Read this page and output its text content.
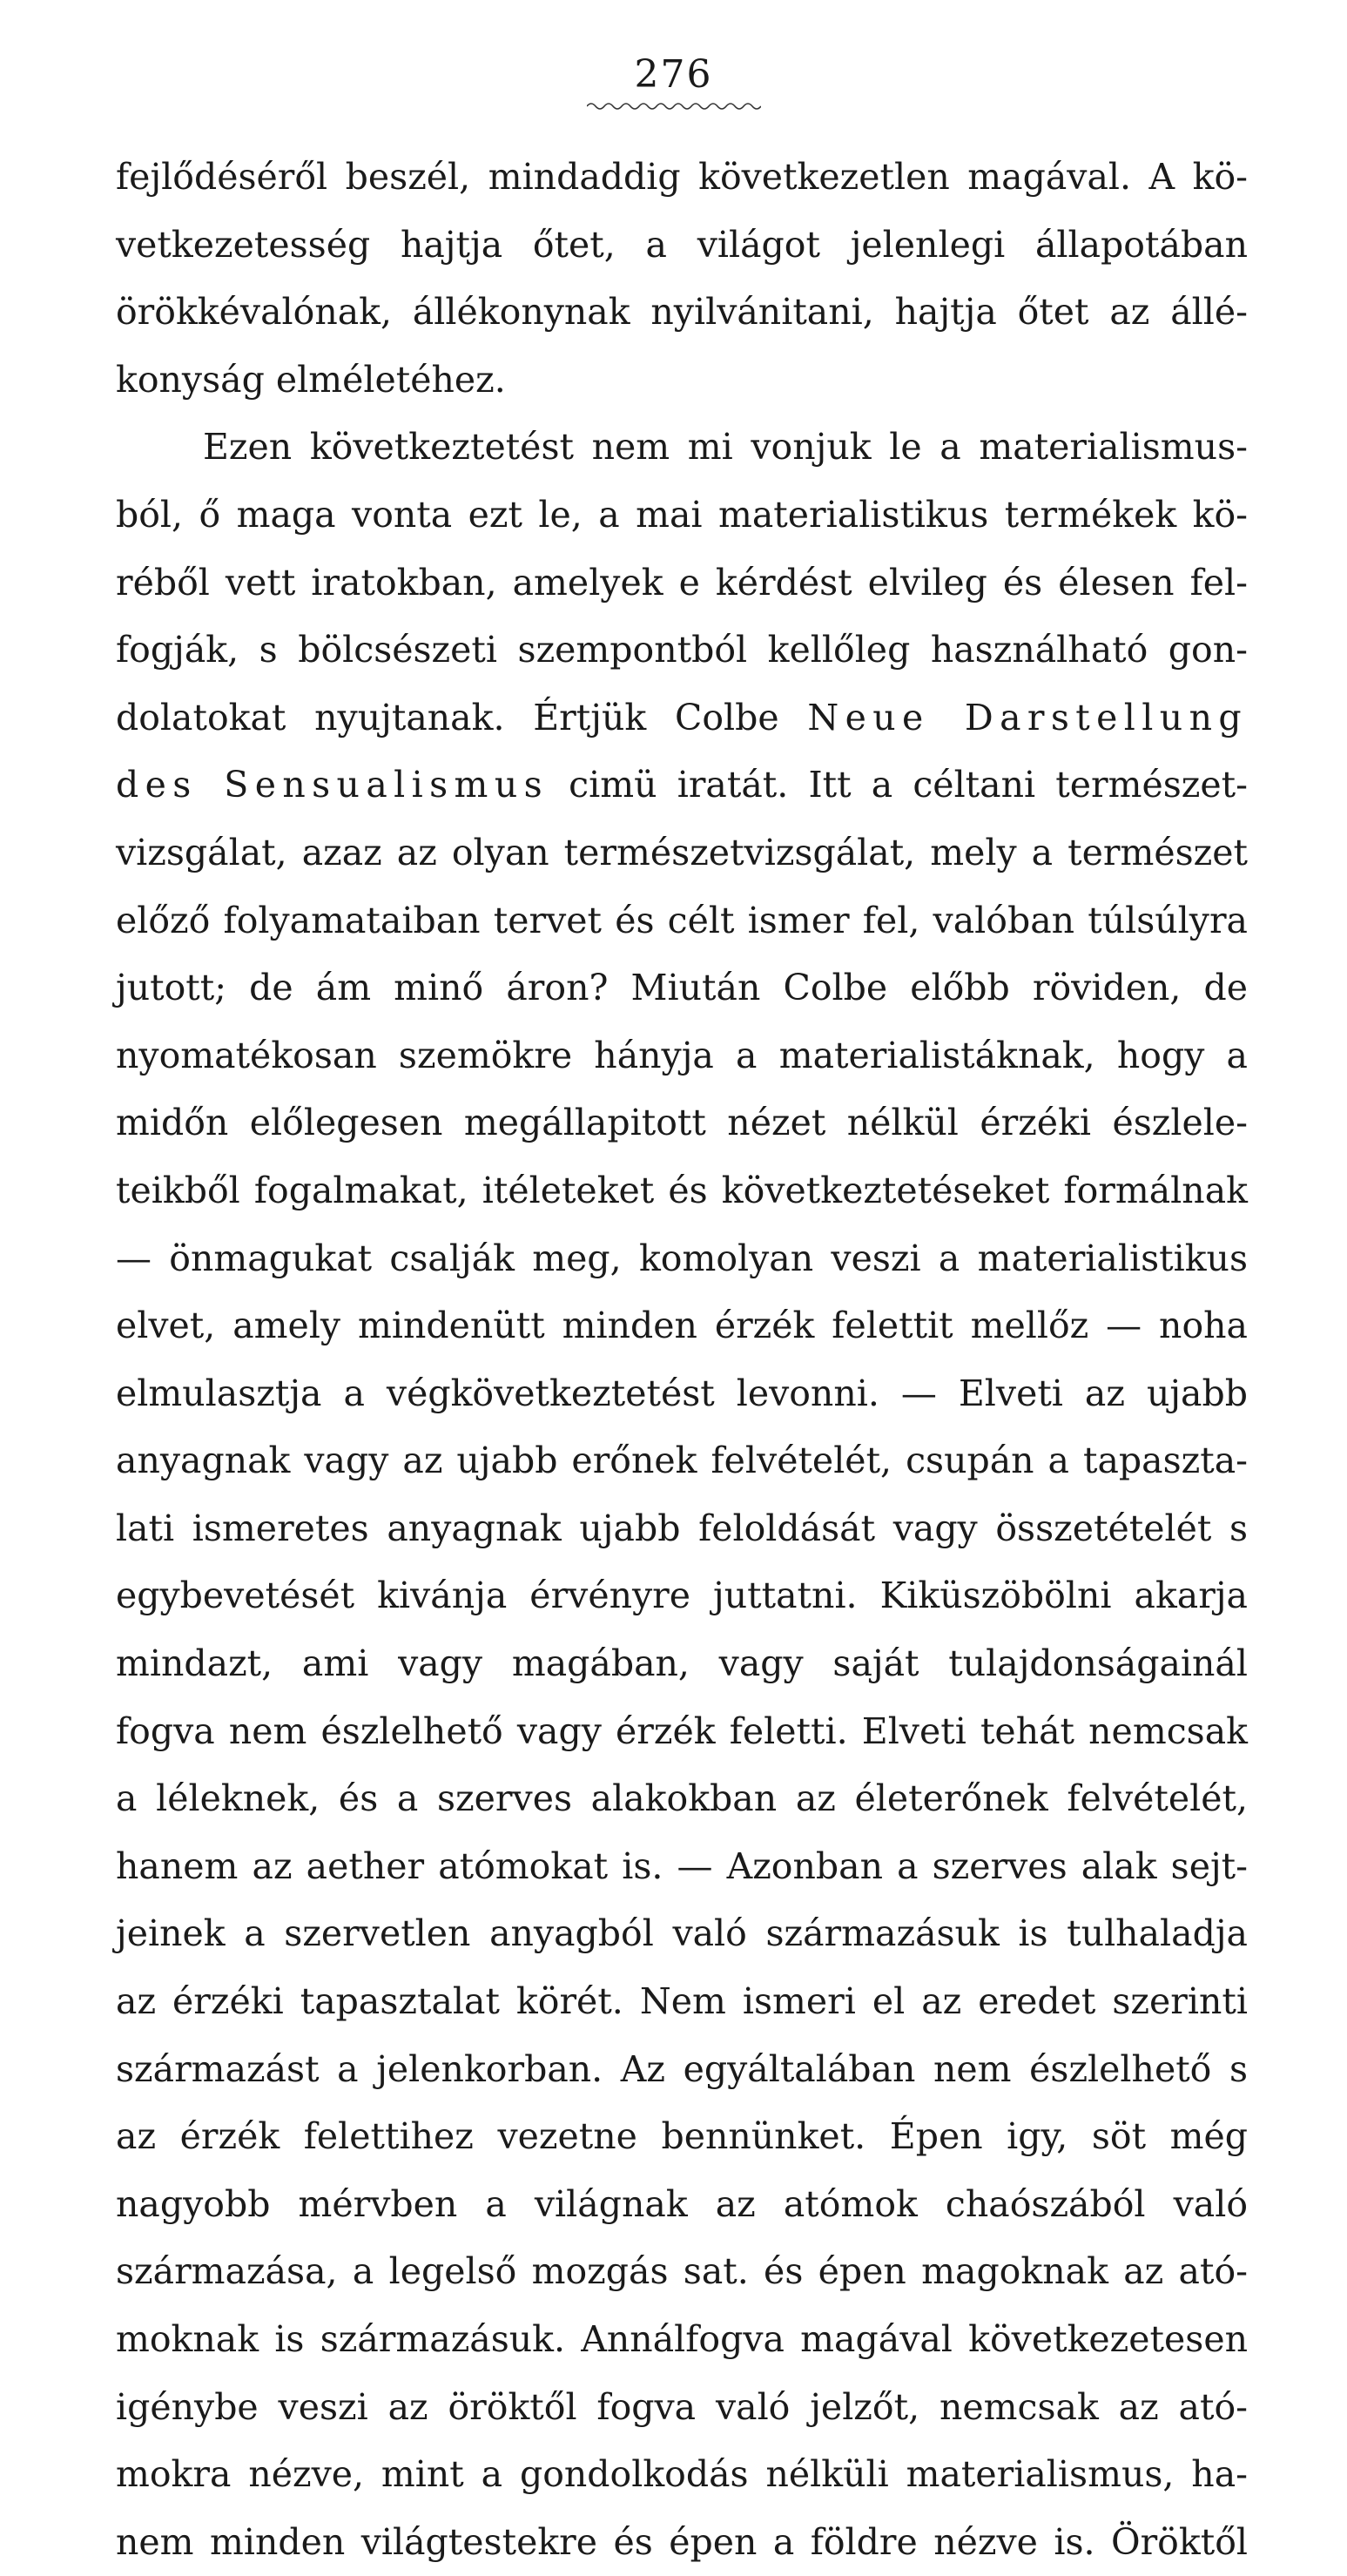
276
fejlődéséről beszél, mindaddig következetlen magával. A kö-
vetkezetesség hajtja őtet, a világot jelenlegi állapotában
örökkévalónak, állékonynak nyilvánitani, hajtja őtet az állé-
konyság elméletéhez.
Ezen következtetést nem mi vonjuk le a materialismus-
ból, ő maga vonta ezt le, a mai materialistikus termékek kö-
réből vett iratokban, amelyek e kérdést elvileg és élesen fel-
fogják, s bölcsészeti szempontból kellőleg használható gon-
dolatokat nyujtanak. Értjük Colbe Neue Darstellung
des Sensualismus cimü iratát. Itt a céltani természet-
vizsgálat, azaz az olyan természetvizsgálat, mely a természet
előző folyamataiban tervet és célt ismer fel, valóban túlsúlyra
jutott; de ám minő áron? Miután Colbe előbb röviden, de
nyomatékosan szemökre hányja a materialistáknak, hogy a
midőn előlegesen megállapitott nézet nélkül érzéki észlele-
teikből fogalmakat, itéleteket és következtetéseket formálnak
— önmagukat csalják meg, komolyan veszi a materialistikus
elvet, amely mindenütt minden érzék felettit mellőz — noha
elmulasztja a végkövetkeztetést levonni. — Elveti az ujabb
anyagnak vagy az ujabb erőnek felvételét, csupán a tapaszta-
lati ismeretes anyagnak ujabb feloldását vagy összetételét s
egybevetését kivánja érvényre juttatni. Kiküszöbölni akarja
mindazt, ami vagy magában, vagy saját tulajdonságainál
fogva nem észlelhető vagy érzék feletti. Elveti tehát nemcsak
a léleknek, és a szerves alakokban az életerőnek felvételét,
hanem az aether atómokat is. — Azonban a szerves alak sejt-
jeinek a szervetlen anyagból való származásuk is tulhaladja
az érzéki tapasztalat körét. Nem ismeri el az eredet szerinti
származást a jelenkorban. Az egyáltalában nem észlelhető s
az érzék felettihez vezetne bennünket. Épen igy, söt még
nagyobb mérvben a világnak az atómok chaószából való
származása, a legelső mozgás sat. és épen magoknak az ató-
moknak is származásuk. Annálfogva magával következetesen
igénybe veszi az öröktől fogva való jelzőt, nemcsak az ató-
mokra nézve, mint a gondolkodás nélküli materialismus, ha-
nem minden világtestekre és épen a földre nézve is. Öröktől
